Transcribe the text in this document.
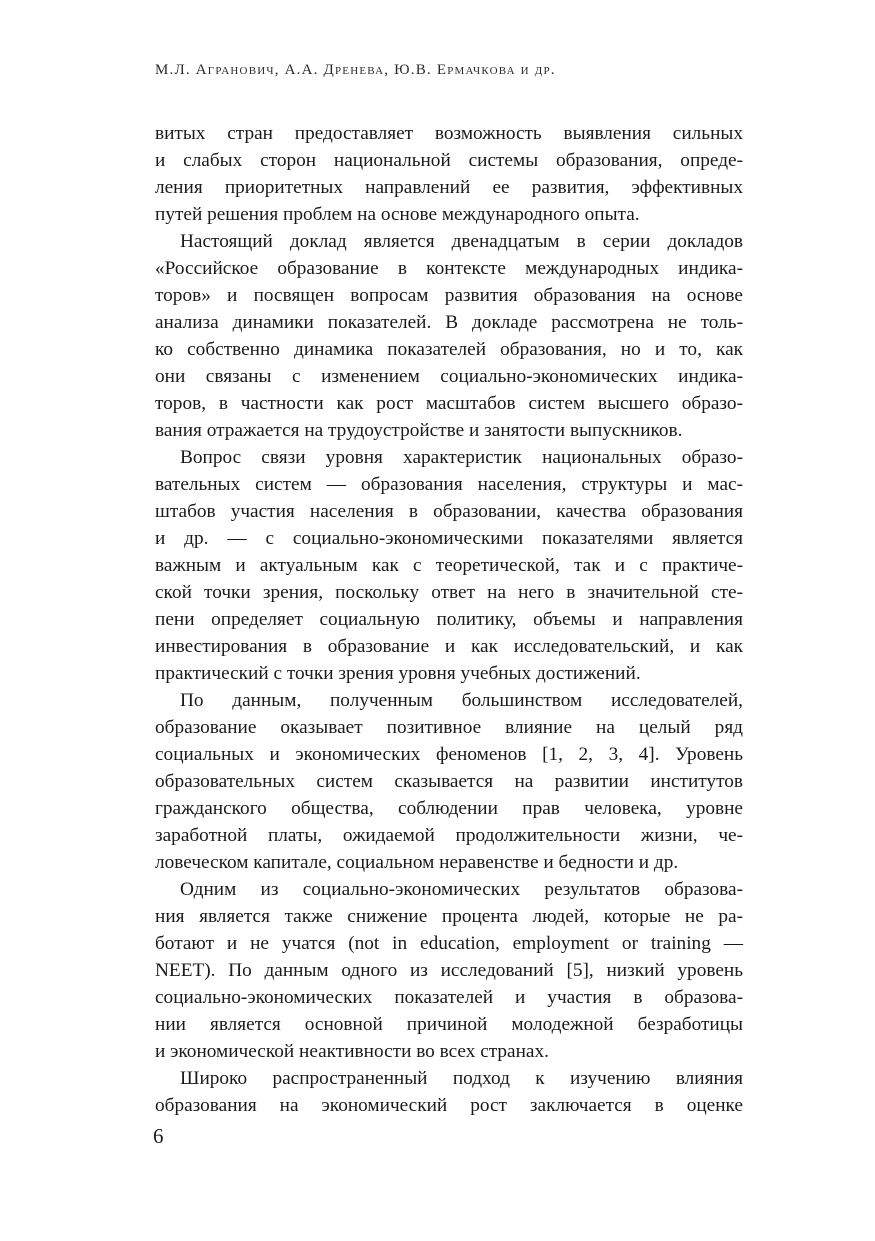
М.Л. Агранович, А.А. Дренева, Ю.В. Ермачкова и др.
витых стран предоставляет возможность выявления сильных
и слабых сторон национальной системы образования, опреде-
ления приоритетных направлений ее развития, эффективных
путей решения проблем на основе международного опыта.
Настоящий доклад является двенадцатым в серии докладов
«Российское образование в контексте международных индика-
торов» и посвящен вопросам развития образования на основе
анализа динамики показателей. В докладе рассмотрена не толь-
ко собственно динамика показателей образования, но и то, как
они связаны с изменением социально-экономических индика-
торов, в частности как рост масштабов систем высшего образо-
вания отражается на трудоустройстве и занятости выпускников.
Вопрос связи уровня характеристик национальных образо-
вательных систем — образования населения, структуры и мас-
штабов участия населения в образовании, качества образования
и др. — с социально-экономическими показателями является
важным и актуальным как с теоретической, так и с практиче-
ской точки зрения, поскольку ответ на него в значительной сте-
пени определяет социальную политику, объемы и направления
инвестирования в образование и как исследовательский, и как
практический с точки зрения уровня учебных достижений.
По данным, полученным большинством исследователей,
образование оказывает позитивное влияние на целый ряд
социальных и экономических феноменов [1, 2, 3, 4]. Уровень
образовательных систем сказывается на развитии институтов
гражданского общества, соблюдении прав человека, уровне
заработной платы, ожидаемой продолжительности жизни, че-
ловеческом капитале, социальном неравенстве и бедности и др.
Одним из социально-экономических результатов образова-
ния является также снижение процента людей, которые не ра-
ботают и не учатся (not in education, employment or training —
NEET). По данным одного из исследований [5], низкий уровень
социально-экономических показателей и участия в образова-
нии является основной причиной молодежной безработицы
и экономической неактивности во всех странах.
Широко распространенный подход к изучению влияния
образования на экономический рост заключается в оценке
6
